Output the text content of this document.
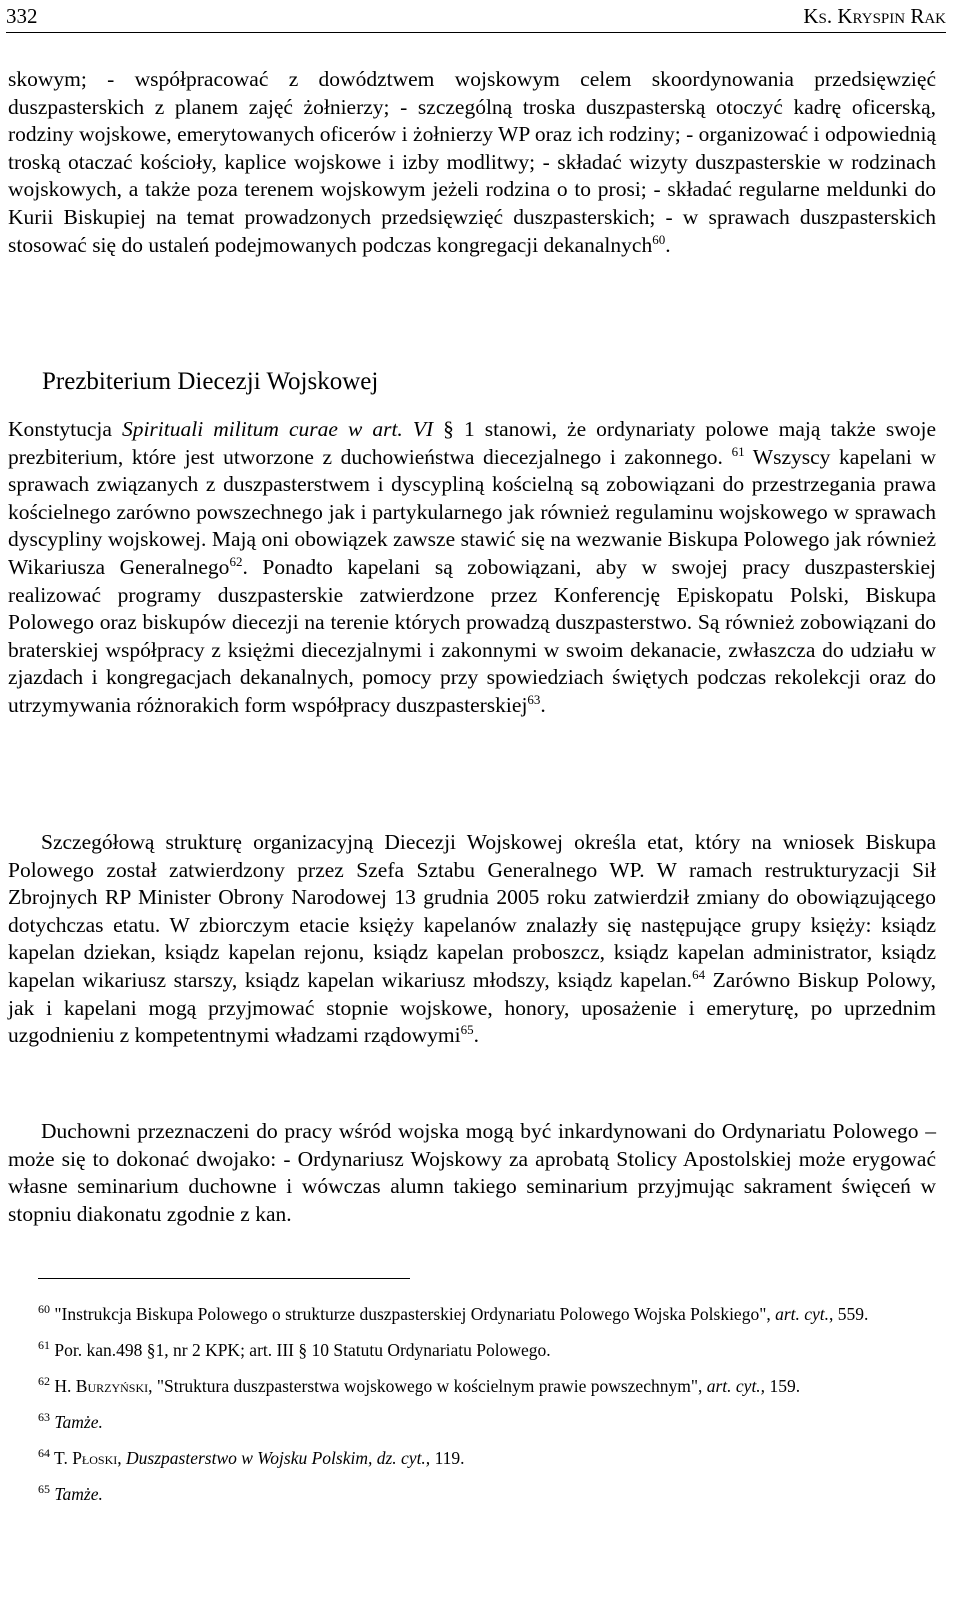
332	Ks. Kryspin Rak

skowym; - współpracować z dowództwem wojskowym celem skoordynowania przedsięwzięć duszpasterskich z planem zajęć żołnierzy; - szczególną troska duszpasterską otoczyć kadrę oficerską, rodziny wojskowe, emerytowanych oficerów i żołnierzy WP oraz ich rodziny; - organizować i odpowiednią troską otaczać kościoły, kaplice wojskowe i izby modlitwy; - składać wizyty duszpasterskie w rodzinach wojskowych, a także poza terenem wojskowym jeżeli rodzina o to prosi; - składać regularne meldunki do Kurii Biskupiej na temat prowadzonych przedsięwzięć duszpasterskich; - w sprawach duszpasterskich stosować się do ustaleń podejmowanych podczas kongregacji dekanalnych$^{60}$.

Prezbiterium Diecezji Wojskowej

Konstytucja Spirituali militum curae w art. VI § 1 stanowi, że ordynariaty polowe mają także swoje prezbiterium, które jest utworzone z duchowieństwa diecezjalnego i zakonnego. $^{61}$ Wszyscy kapelani w sprawach związanych z duszpasterstwem i dyscypliną kościelną są zobowiązani do przestrzegania prawa kościelnego zarówno powszechnego jak i partykularnego jak również regulaminu wojskowego w sprawach dyscypliny wojskowej. Mają oni obowiązek zawsze stawić się na wezwanie Biskupa Polowego jak również Wikariusza Generalnego$^{62}$. Ponadto kapelani są zobowiązani, aby w swojej pracy duszpasterskiej realizować programy duszpasterskie zatwierdzone przez Konferencję Episkopatu Polski, Biskupa Polowego oraz biskupów diecezji na terenie których prowadzą duszpasterstwo. Są również zobowiązani do braterskiej współpracy z księżmi diecezjalnymi i zakonnymi w swoim dekanacie, zwłaszcza do udziału w zjazdach i kongregacjach dekanalnych, pomocy przy spowiedziach świętych podczas rekolekcji oraz do utrzymywania różnorakich form współpracy duszpasterskiej$^{63}$.

Szczegółową strukturę organizacyjną Diecezji Wojskowej określa etat, który na wniosek Biskupa Polowego został zatwierdzony przez Szefa Sztabu Generalnego WP. W ramach restrukturyzacji Sił Zbrojnych RP Minister Obrony Narodowej 13 grudnia 2005 roku zatwierdził zmiany do obowiązującego dotychczas etatu. W zbiorczym etacie księży kapelanów znalazły się następujące grupy księży: ksiądz kapelan dziekan, ksiądz kapelan rejonu, ksiądz kapelan proboszcz, ksiądz kapelan administrator, ksiądz kapelan wikariusz starszy, ksiądz kapelan wikariusz młodszy, ksiądz kapelan.$^{64}$ Zarówno Biskup Polowy, jak i kapelani mogą przyjmować stopnie wojskowe, honory, uposażenie i emeryturę, po uprzednim uzgodnieniu z kompetentnymi władzami rządowymi$^{65}$.

Duchowni przeznaczeni do pracy wśród wojska mogą być inkardynowani do Ordynariatu Polowego – może się to dokonać dwojako: - Ordynariusz Wojskowy za aprobatą Stolicy Apostolskiej może erygować własne seminarium duchowne i wówczas alumn takiego seminarium przyjmując sakrament święceń w stopniu diakonatu zgodnie z kan.

$^{60}$ "Instrukcja Biskupa Polowego o strukturze duszpasterskiej Ordynariatu Polowego Wojska Polskiego", art. cyt., 559.

$^{61}$ Por. kan.498 §1, nr 2 KPK; art. III § 10 Statutu Ordynariatu Polowego.

$^{62}$ H. Burzyński, "Struktura duszpasterstwa wojskowego w kościelnym prawie powszechnym", art. cyt., 159.

$^{63}$ Tamże.

$^{64}$ T. Płoski, Duszpasterstwo w Wojsku Polskim, dz. cyt., 119.

$^{65}$ Tamże.
